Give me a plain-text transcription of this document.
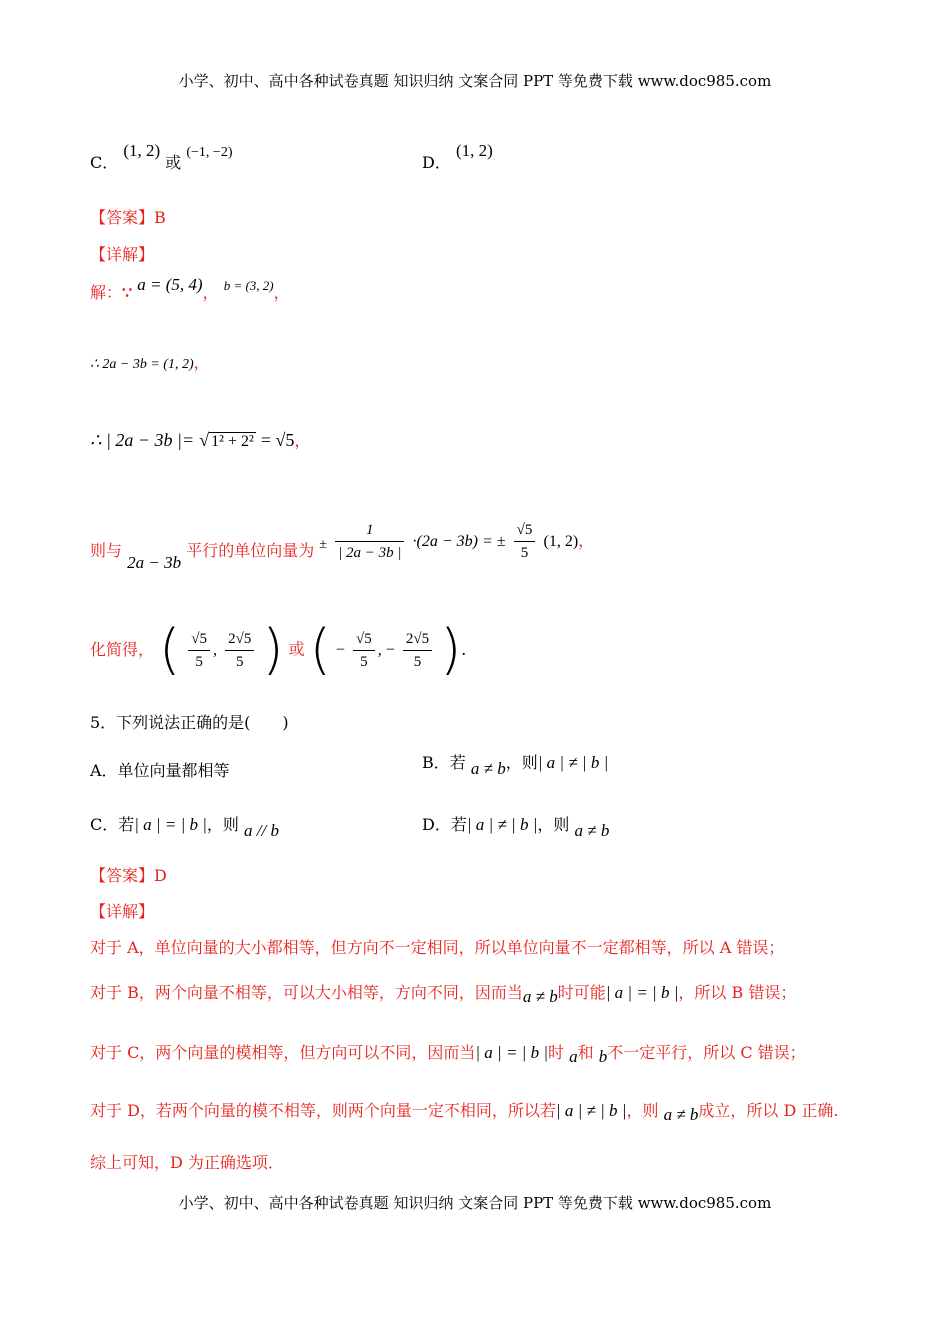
小学、初中、高中各种试卷真题 知识归纳 文案合同 PPT 等免费下载 www.doc985.com
C． (1, 2) 或 (−1, −2)
D． (1, 2)
【答案】B
【详解】
解：∵ a = (5, 4)， $^{b = (3, 2)}$，
∴ 2a − 3b = (1, 2)，
∴ | 2a − 3b |= √ 1² + 2² = √5，
则与 2a − 3b 平行的单位向量为 ± $\frac{1}{| 2a - 3b |} \cdot(2a - 3b)$ = ± $\frac{√5}{5} (1$, 2)，
化简得， ( $\frac{√5}{5}$ , $\frac{2√5}{5}$ ) 或 ( − $\frac{√5}{5}$ , − $\frac{2√5}{5}$ )．
5．下列说法正确的是(　　)
A．单位向量都相等	B．若 a ≠ b，则| a | ≠ | b |
C．若| a | = | b |，则 a // b	D．若| a | ≠ | b |，则 a ≠ b
【答案】D
【详解】
对于 A，单位向量的大小都相等，但方向不一定相同，所以单位向量不一定都相等，所以 A 错误；
对于 B，两个向量不相等，可以大小相等，方向不同，因而当a ≠ b时可能| a | = | b |，所以 B 错误；
对于 C，两个向量的模相等，但方向可以不同，因而当| a | = | b |时 a和 b不一定平行，所以 C 错误；
对于 D，若两个向量的模不相等，则两个向量一定不相同，所以若| a | ≠ | b |，则 a ≠ b成立，所以 D 正确.
综上可知，D 为正确选项．
小学、初中、高中各种试卷真题 知识归纳 文案合同 PPT 等免费下载 www.doc985.com
